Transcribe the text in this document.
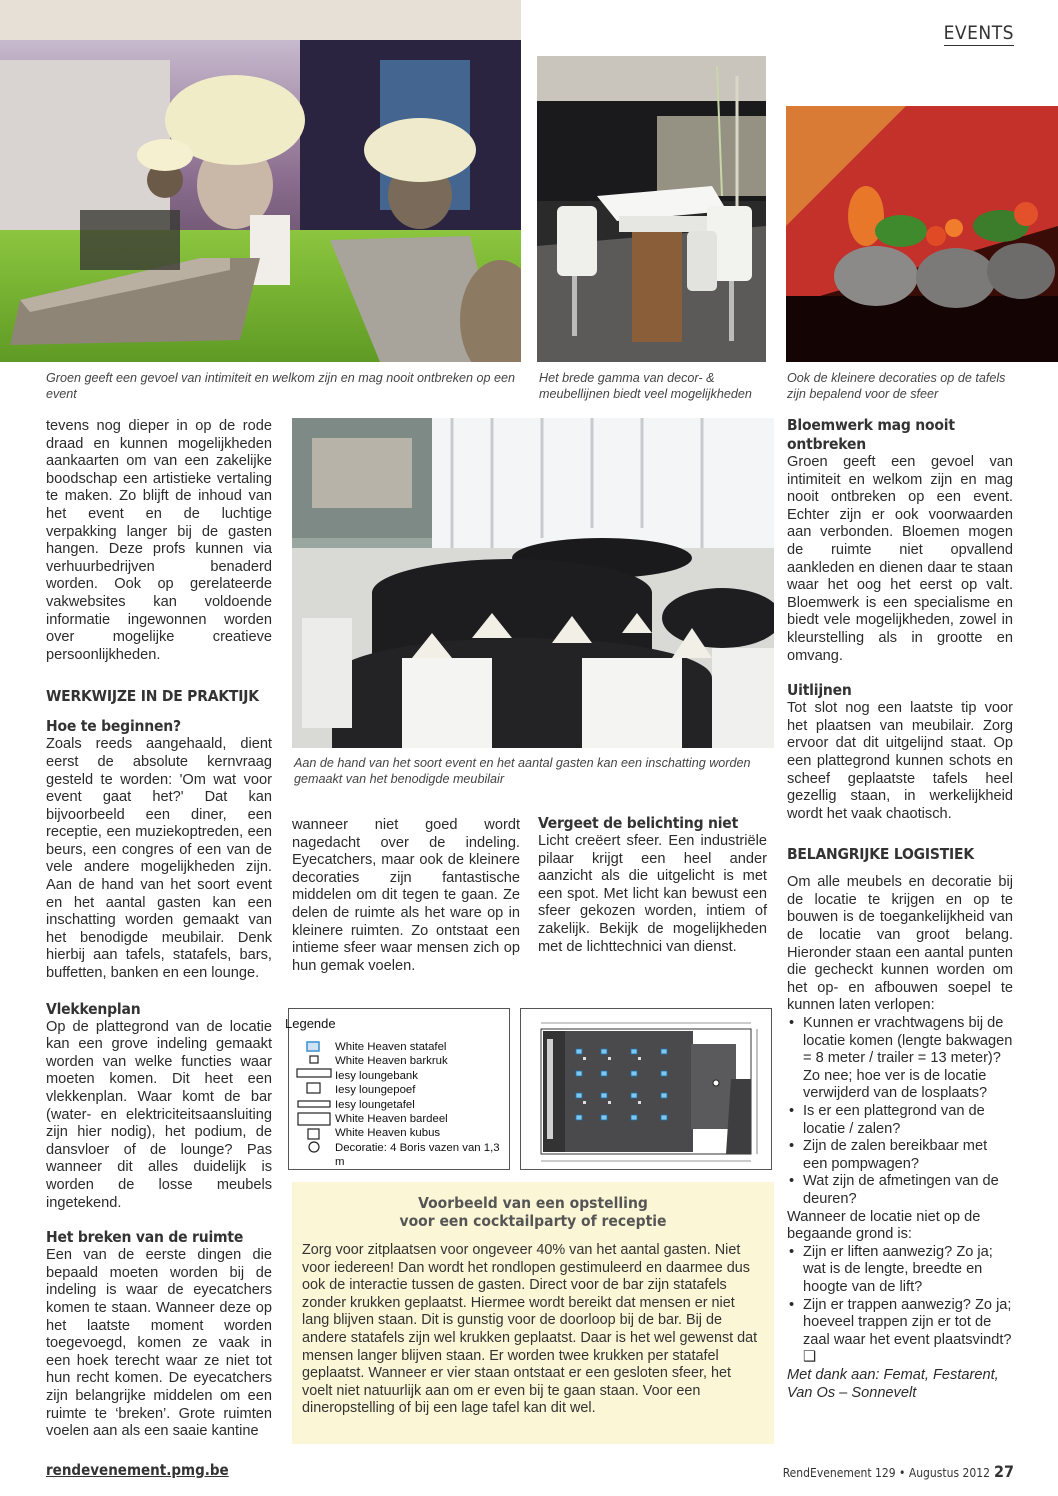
EVENTS
Groen geeft een gevoel van intimiteit en welkom zijn en mag nooit ontbreken op een event
Het brede gamma van decor- & meubellijnen biedt veel mogelijkheden
Ook de kleinere decoraties op de tafels zijn bepalend voor de sfeer
Aan de hand van het soort event en het aantal gasten kan een inschatting worden gemaakt van het benodigde meubilair

tevens nog dieper in op de rode draad en kunnen mogelijkheden aankaarten om van een zakelijke boodschap een artistieke vertaling te maken. Zo blijft de inhoud van het event en de luchtige verpakking langer bij de gasten hangen. Deze profs kunnen via verhuurbedrijven benaderd worden. Ook op gerelateerde vakwebsites kan voldoende informatie ingewonnen worden over mogelijke creatieve persoonlijkheden.

WERKWIJZE IN DE PRAKTIJK
Hoe te beginnen?

Zoals reeds aangehaald, dient eerst de absolute kernvraag gesteld te worden: 'Om wat voor event gaat het?' Dat kan bijvoorbeeld een diner, een receptie, een muziekoptreden, een beurs, een congres of een van de vele andere mogelijkheden zijn. Aan de hand van het soort event en het aantal gasten kan een inschatting worden gemaakt van het benodigde meubilair. Denk hierbij aan tafels, statafels, bars, buffetten, banken en een lounge.

Vlekkenplan

Op de plattegrond van de locatie kan een grove indeling gemaakt worden van welke functies waar moeten komen. Dit heet een vlekkenplan. Waar komt de bar (water- en elektriciteitsaansluiting zijn hier nodig), het podium, de dansvloer of de lounge? Pas wanneer dit alles duidelijk is worden de losse meubels ingetekend.

Het breken van de ruimte

Een van de eerste dingen die bepaald moeten worden bij de indeling is waar de eyecatchers komen te staan. Wanneer deze op het laatste moment worden toegevoegd, komen ze vaak in een hoek terecht waar ze niet tot hun recht komen. De eyecatchers zijn belangrijke middelen om een ruimte te ‘breken’. Grote ruimten voelen aan als een saaie kantine

wanneer niet goed wordt nagedacht over de indeling. Eyecatchers, maar ook de kleinere decoraties zijn fantastische middelen om dit tegen te gaan. Ze delen de ruimte als het ware op in kleinere ruimten. Zo ontstaat een intieme sfeer waar mensen zich op hun gemak voelen.

Vergeet de belichting niet

Licht creëert sfeer. Een industriële pilaar krijgt een heel ander aanzicht als die uitgelicht is met een spot. Met licht kan bewust een sfeer gekozen worden, intiem of zakelijk. Bekijk de mogelijkheden met de lichttechnici van dienst.

Bloemwerk mag nooit ontbreken

Groen geeft een gevoel van intimiteit en welkom zijn en mag nooit ontbreken op een event. Echter zijn er ook voorwaarden aan verbonden. Bloemen mogen de ruimte niet opvallend aankleden en dienen daar te staan waar het oog het eerst op valt. Bloemwerk is een specialisme en biedt vele mogelijkheden, zowel in kleurstelling als in grootte en omvang.

Uitlijnen

Tot slot nog een laatste tip voor het plaatsen van meubilair. Zorg ervoor dat dit uitgelijnd staat. Op een plattegrond kunnen schots en scheef geplaatste tafels heel gezellig staan, in werkelijkheid wordt het vaak chaotisch.

BELANGRIJKE LOGISTIEK

Om alle meubels en decoratie bij de locatie te krijgen en op te bouwen is de toegankelijkheid van de locatie van groot belang. Hieronder staan een aantal punten die gecheckt kunnen worden om het op- en afbouwen soepel te kunnen laten verlopen:

• Kunnen er vrachtwagens bij de locatie komen (lengte bakwagen = 8 meter / trailer = 13 meter)? Zo nee; hoe ver is de locatie verwijderd van de losplaats?
• Is er een plattegrond van de locatie / zalen?
• Zijn de zalen bereikbaar met een pompwagen?
• Wat zijn de afmetingen van de deuren?

Wanneer de locatie niet op de begaande grond is:

• Zijn er liften aanwezig? Zo ja; wat is de lengte, breedte en hoogte van de lift?
• Zijn er trappen aanwezig? Zo ja; hoeveel trappen zijn er tot de zaal waar het event plaatsvindt? ❑

Met dank aan: Femat, Festarent, Van Os – Sonnevelt

Legende
White Heaven statafel
White Heaven barkruk
Iesy loungebank
Iesy loungepoef
Iesy loungetafel
White Heaven bardeel
White Heaven kubus
Decoratie: 4 Boris vazen van 1,3 m
Voorbeeld van een opstelling
voor een cocktailparty of receptie

Zorg voor zitplaatsen voor ongeveer 40% van het aantal gasten. Niet voor iedereen! Dan wordt het rondlopen gestimuleerd en daarmee dus ook de interactie tussen de gasten. Direct voor de bar zijn statafels zonder krukken geplaatst. Hiermee wordt bereikt dat mensen er niet lang blijven staan. Dit is gunstig voor de doorloop bij de bar. Bij de andere statafels zijn wel krukken geplaatst. Daar is het wel gewenst dat mensen langer blijven staan. Er worden twee krukken per statafel geplaatst. Wanneer er vier staan ontstaat er een gesloten sfeer, het voelt niet natuurlijk aan om er even bij te gaan staan. Voor een dineropstelling of bij een lage tafel kan dit wel.

rendevenement.pmg.be	RendEvenement 129 • Augustus 2012 27
